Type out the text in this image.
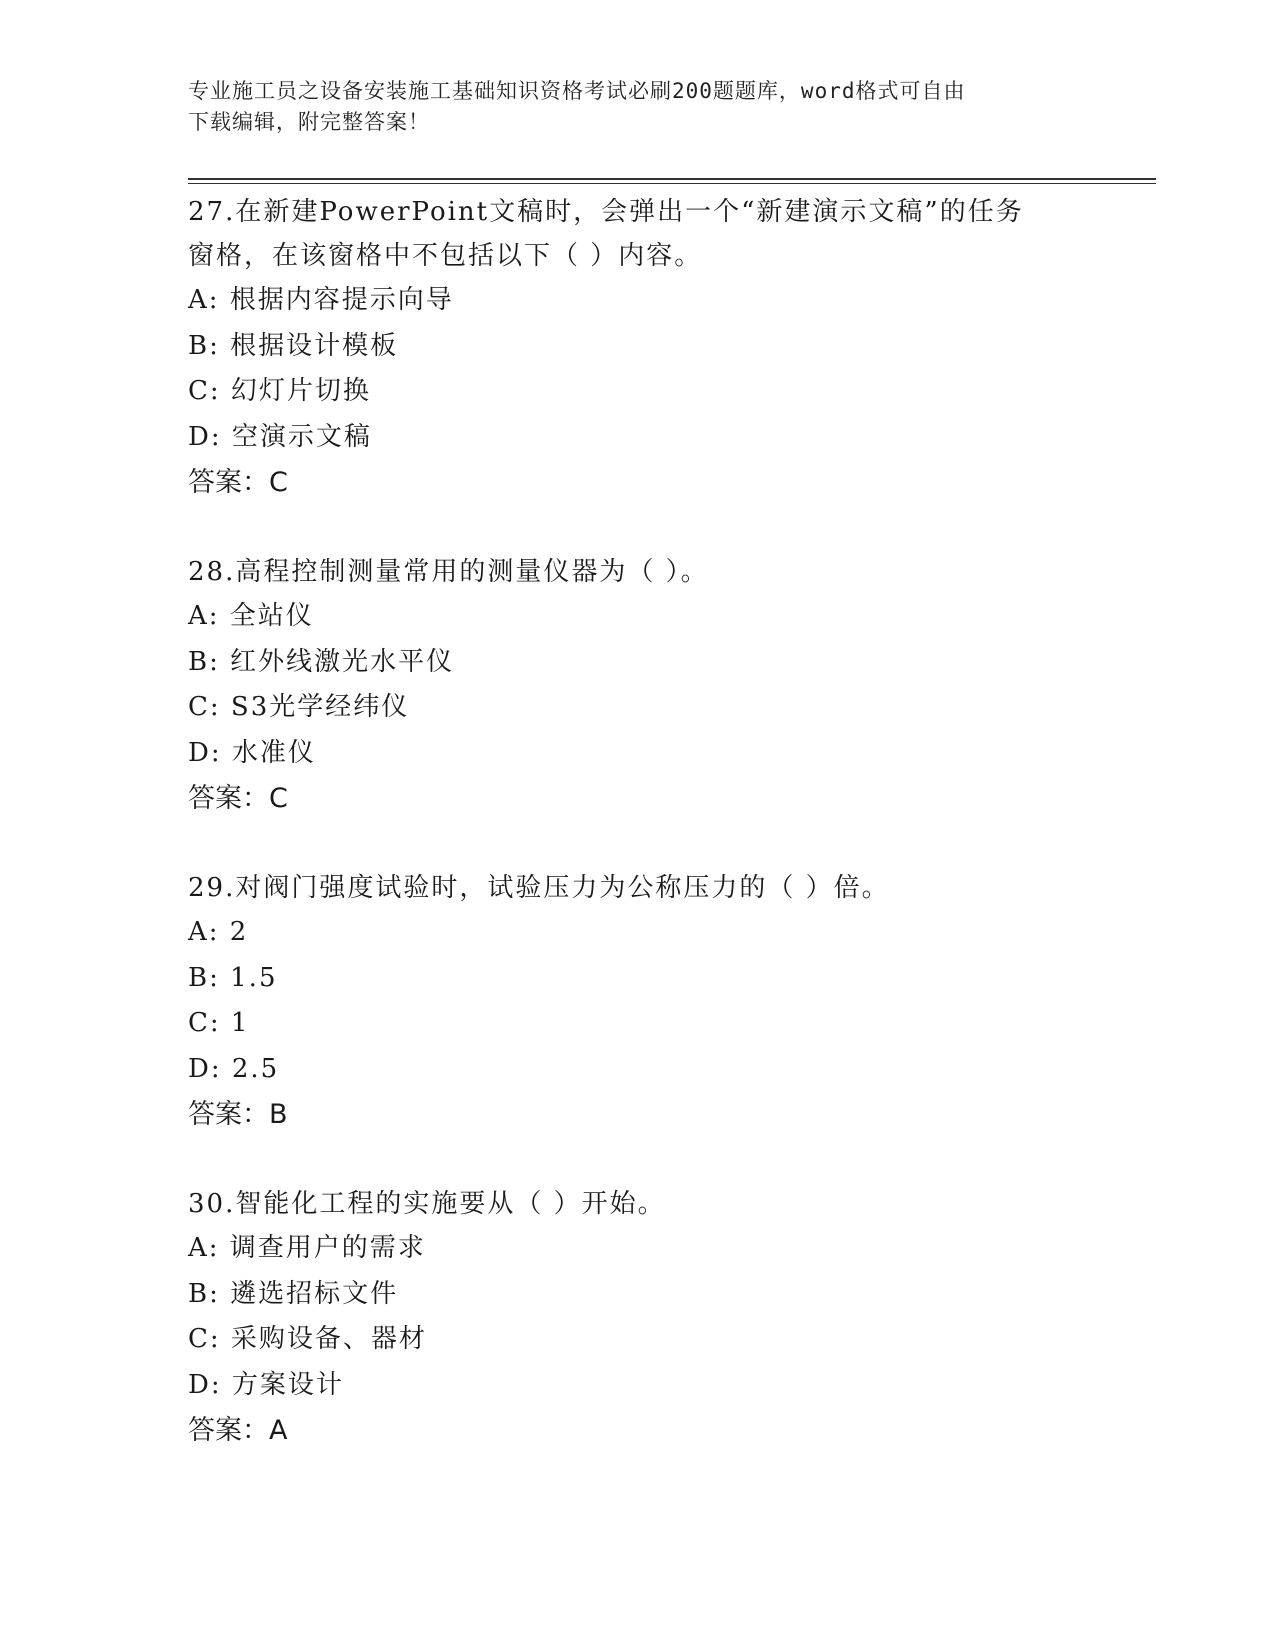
专业施工员之设备安装施工基础知识资格考试必刷200题题库，word格式可自由
下载编辑，附完整答案！
27.在新建PowerPoint文稿时，会弹出一个“新建演示文稿”的任务
窗格，在该窗格中不包括以下（ ）内容。
A: 根据内容提示向导
B: 根据设计模板
C: 幻灯片切换
D: 空演示文稿
答案：C
28.高程控制测量常用的测量仪器为（ ）。
A: 全站仪
B: 红外线激光水平仪
C: S3光学经纬仪
D: 水准仪
答案：C
29.对阀门强度试验时，试验压力为公称压力的（ ）倍。
A: 2
B: 1.5
C: 1
D: 2.5
答案：B
30.智能化工程的实施要从（ ）开始。
A: 调查用户的需求
B: 遴选招标文件
C: 采购设备、器材
D: 方案设计
答案：A
